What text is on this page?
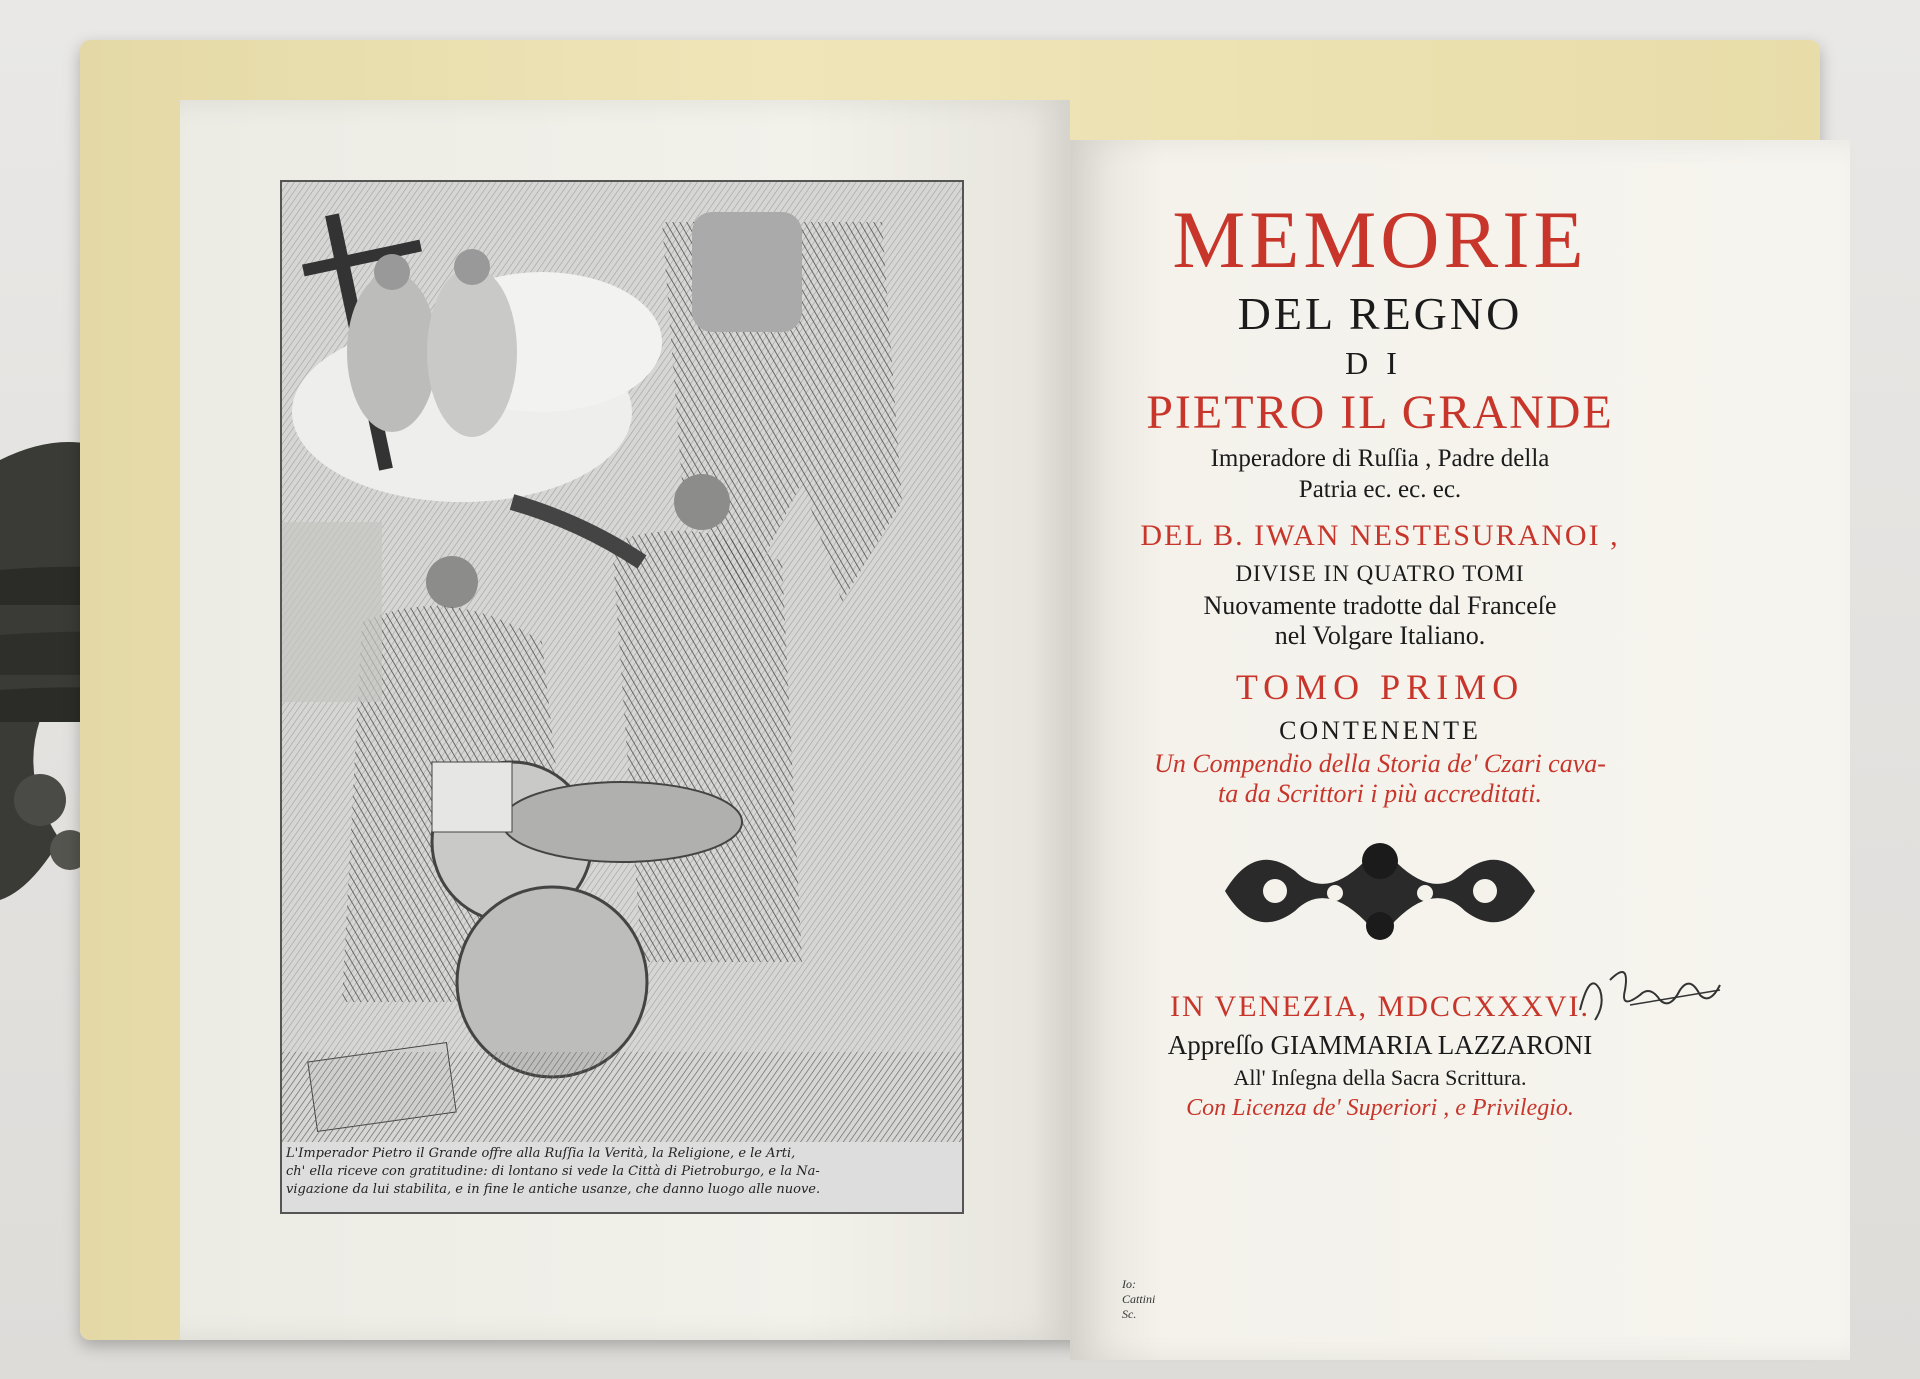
Io: Cattini Sc.
L'Imperador Pietro il Grande offre alla Ruſſia la Verità, la Religione, e le Arti,
ch' ella riceve con gratitudine: di lontano si vede la Città di Pietroburgo, e la Na-
vigazione da lui stabilita, e in fine le antiche usanze, che danno luogo alle nuove.
MEMORIE
DEL REGNO
DI
PIETRO IL GRANDE
Imperadore di Ruſſia , Padre della
Patria ec. ec. ec.
DEL B. IWAN NESTESURANOI ,
DIVISE IN QUATRO TOMI
Nuovamente tradotte dal Franceſe
nel Volgare Italiano.
TOMO PRIMO
CONTENENTE
Un Compendio della Storia de' Czari cava-
ta da Scrittori i più accreditati.
IN VENEZIA, MDCCXXXVI.
Appreſſo GIAMMARIA LAZZARONI
All' Inſegna della Sacra Scrittura.
Con Licenza de' Superiori , e Privilegio.
